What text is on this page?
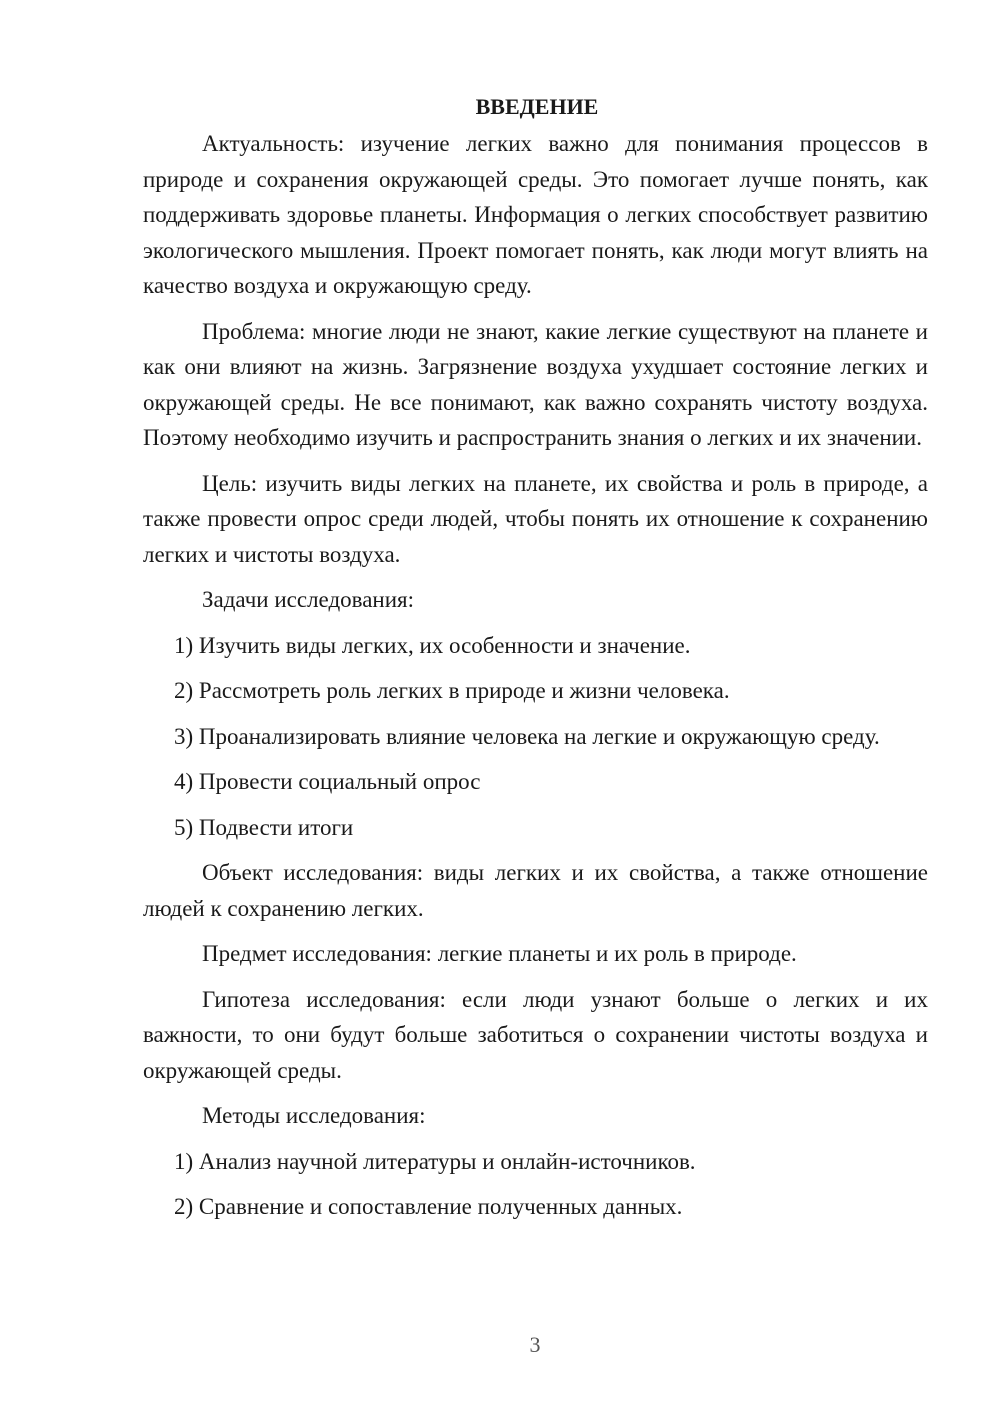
ВВЕДЕНИЕ

Актуальность: изучение легких важно для понимания процессов в природе и сохранения окружающей среды. Это помогает лучше понять, как поддерживать здоровье планеты. Информация о легких способствует развитию экологического мышления. Проект помогает понять, как люди могут влиять на качество воздуха и окружающую среду.

Проблема: многие люди не знают, какие легкие существуют на планете и как они влияют на жизнь. Загрязнение воздуха ухудшает состояние легких и окружающей среды. Не все понимают, как важно сохранять чистоту воздуха. Поэтому необходимо изучить и распространить знания о легких и их значении.

Цель: изучить виды легких на планете, их свойства и роль в природе, а также провести опрос среди людей, чтобы понять их отношение к сохранению легких и чистоты воздуха.

Задачи исследования:

1) Изучить виды легких, их особенности и значение.

2) Рассмотреть роль легких в природе и жизни человека.

3) Проанализировать влияние человека на легкие и окружающую среду.

4) Провести социальный опрос

5) Подвести итоги

Объект исследования: виды легких и их свойства, а также отношение людей к сохранению легких.

Предмет исследования: легкие планеты и их роль в природе.

Гипотеза исследования: если люди узнают больше о легких и их важности, то они будут больше заботиться о сохранении чистоты воздуха и окружающей среды.

Методы исследования:

1) Анализ научной литературы и онлайн-источников.

2) Сравнение и сопоставление полученных данных.

3
